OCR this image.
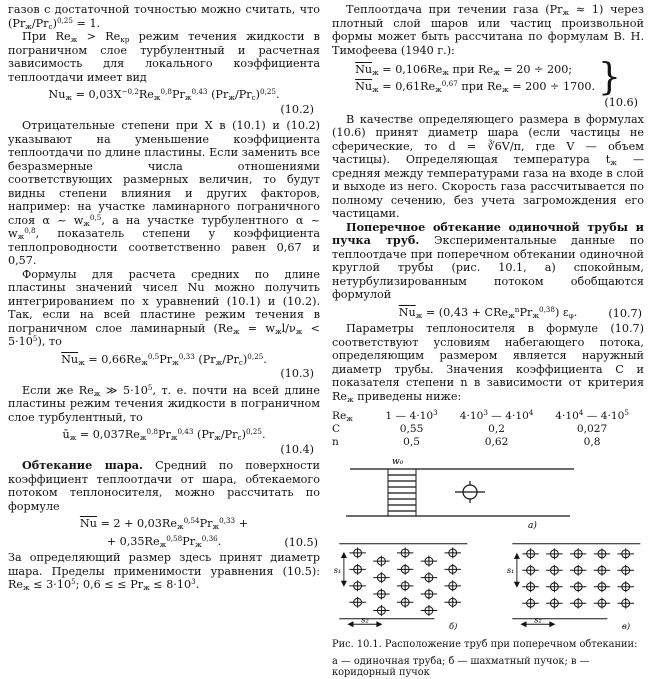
газов с достаточной точностью можно считать, что $(Pr_ж/Pr_с)^{0,25} = 1$.

При $Re_ж > Re_{кр}$ режим течения жидкости в пограничном слое турбулентный и расчетная зависимость для локального коэффициента теплоотдачи имеет вид

$Nu_ж = 0,03X^{-0,2}Re_ж^{0,8}Pr_ж^{0,43}$ $(Pr_ж/Pr_с)^{0,25}$.
(10.2)

Отрицательные степени при X в (10.1) и (10.2) указывают на уменьшение коэффициента теплоотдачи по длине пластины. Если заменить все безразмерные числа отношениями соответствующих размерных величин, то будут видны степени влияния и других факторов, например: на участке ламинарного пограничного слоя α ~ $w_ж^{0,5}$, а на участке турбулентного α ~ $w_ж^{0,8}$, показатель степени у коэффициента теплопроводности соответственно равен 0,67 и 0,57.

Формулы для расчета средних по длине пластины значений чисел Nu можно получить интегрированием по x уравнений (10.1) и (10.2). Так, если на всей пластине режим течения в пограничном слое ламинарный $(Re_ж = w_жl/\nu_ж < 5\cdot 10^5)$, то

$\overline{Nu}_ж = 0,66Re_ж^{0,5}Pr_ж^{0,33}$ $(Pr_ж/Pr_с)^{0,25}$.
(10.3)

Если же $Re_ж$ ≫ $5\cdot 10^5$, т. е. почти на всей длине пластины режим течения жидкости в пограничном слое турбулентный, то

$ū_ж = 0,037Re_ж^{0,8}Pr_ж^{0,43}$ $(Pr_ж/Pr_с)^{0,25}$.
(10.4)

Обтекание шара. Средний по поверхности коэффициент теплоотдачи от шара, обтекаемого потоком теплоносителя, можно рассчитать по формуле

$\overline{Nu} = 2 + 0,03Re_ж^{0,54}Pr_ж^{0,33}$ +
+ $0,35Re_ж^{0,58}Pr_ж^{0,36}$.	(10.5)

За определяющий размер здесь принят диаметр шара. Пределы применимости уравнения (10.5): $Re_ж \le 3\cdot 10^5$; 0,6 ≤ ≤ $Pr_ж \le 8\cdot 10^3$.

Теплоотдача при течении газа $(Pr_ж \approx 1)$ через плотный слой шаров или частиц произвольной формы может быть рассчитана по формулам В. Н. Тимофеева (1940 г.):

$\overline{Nu}_ж = 0,106Re_ж$ при $Re_ж = 20 \div 200$;
$\overline{Nu}_ж = 0,61Re_ж^{0,67}$ при $Re_ж = 200 \div 1700$. }
(10.6)

В качестве определяющего размера в формулах (10.6) принят диаметр шара (если частицы не сферические, то d = ∛6V/π, где V — объем частицы). Определяющая температура $t_ж$ — средняя между температурами газа на входе в слой и выходе из него. Скорость газа рассчитывается по полному сечению, без учета загромождения его частицами.

Поперечное обтекание одиночной трубы и пучка труб. Экспериментальные данные по теплоотдаче при поперечном обтекании одиночной круглой трубы (рис. 10.1, а) спокойным, нетурбулизированным потоком обобщаются формулой

$\overline{Nu}_ж = (0,43 + CRe_ж^nPr_ж^{0,38})$ $\varepsilon_\varphi$.	(10.7)

Параметры теплоносителя в формуле (10.7) соответствуют условиям набегающего потока, определяющим размером является наружный диаметр трубы. Значения коэффициента C и показателя степени n в зависимости от критерия $Re_ж$ приведены ниже:

$Re_ж$	1 — $4\cdot 10^3$	$4\cdot 10^3$ — $4\cdot 10^4$	$4\cdot 10^4$ — $4\cdot 10^5$
C	0,55	0,2	0,027
n	0,5	0,62	0,8
w₀
а)
s₁
s₂
б)
s₁
s₂
в)

Рис. 10.1. Расположение труб при поперечном обтекании:

а — одиночная труба; б — шахматный пучок; в — коридорный пучок
